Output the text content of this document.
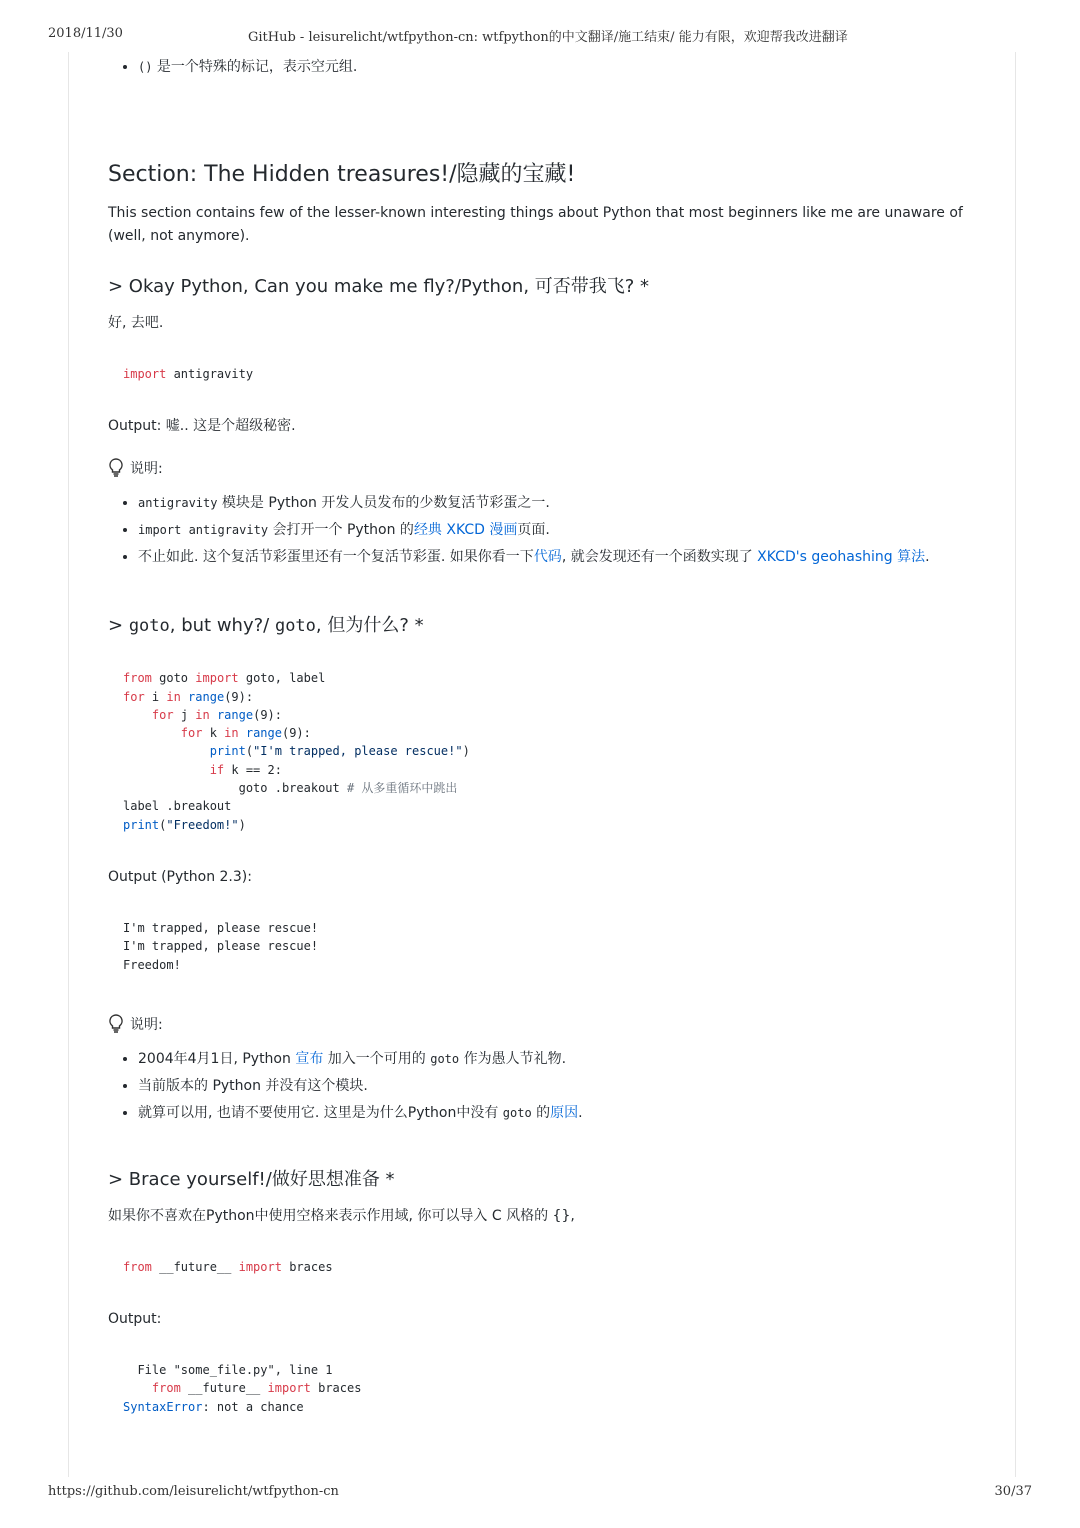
2018/11/30	GitHub - leisurelicht/wtfpython-cn: wtfpython的中文翻译/施工结束/ 能力有限，欢迎帮我改进翻译
• () 是一个特殊的标记，表示空元组.
Section: The Hidden treasures!/隐藏的宝藏!

This section contains few of the lesser-known interesting things about Python that most beginners like me are unaware of (well, not anymore).

> Okay Python, Can you make me fly?/Python, 可否带我飞? *

好, 去吧.

import antigravity

Output: 嘘.. 这是个超级秘密.

说明:
• antigravity 模块是 Python 开发人员发布的少数复活节彩蛋之一.
• import antigravity 会打开一个 Python 的经典 XKCD 漫画页面.
• 不止如此. 这个复活节彩蛋里还有一个复活节彩蛋. 如果你看一下代码, 就会发现还有一个函数实现了 XKCD's geohashing 算法.
> goto, but why?/ goto, 但为什么? *
from goto import goto, label
for i in range(9):
for j in range(9):
for k in range(9):
print("I'm trapped, please rescue!")
if k == 2:
goto .breakout # 从多重循环中跳出
label .breakout
print("Freedom!")

Output (Python 2.3):

I'm trapped, please rescue!
I'm trapped, please rescue!
Freedom!
说明:
• 2004年4月1日, Python 宣布 加入一个可用的 goto 作为愚人节礼物.
• 当前版本的 Python 并没有这个模块.
• 就算可以用, 也请不要使用它. 这里是为什么Python中没有 goto 的原因.
> Brace yourself!/做好思想准备 *

如果你不喜欢在Python中使用空格来表示作用域, 你可以导入 C 风格的 {},

from __future__ import braces

Output:

File "some_file.py", line 1
from __future__ import braces
SyntaxError: not a chance
https://github.com/leisurelicht/wtfpython-cn	30/37
